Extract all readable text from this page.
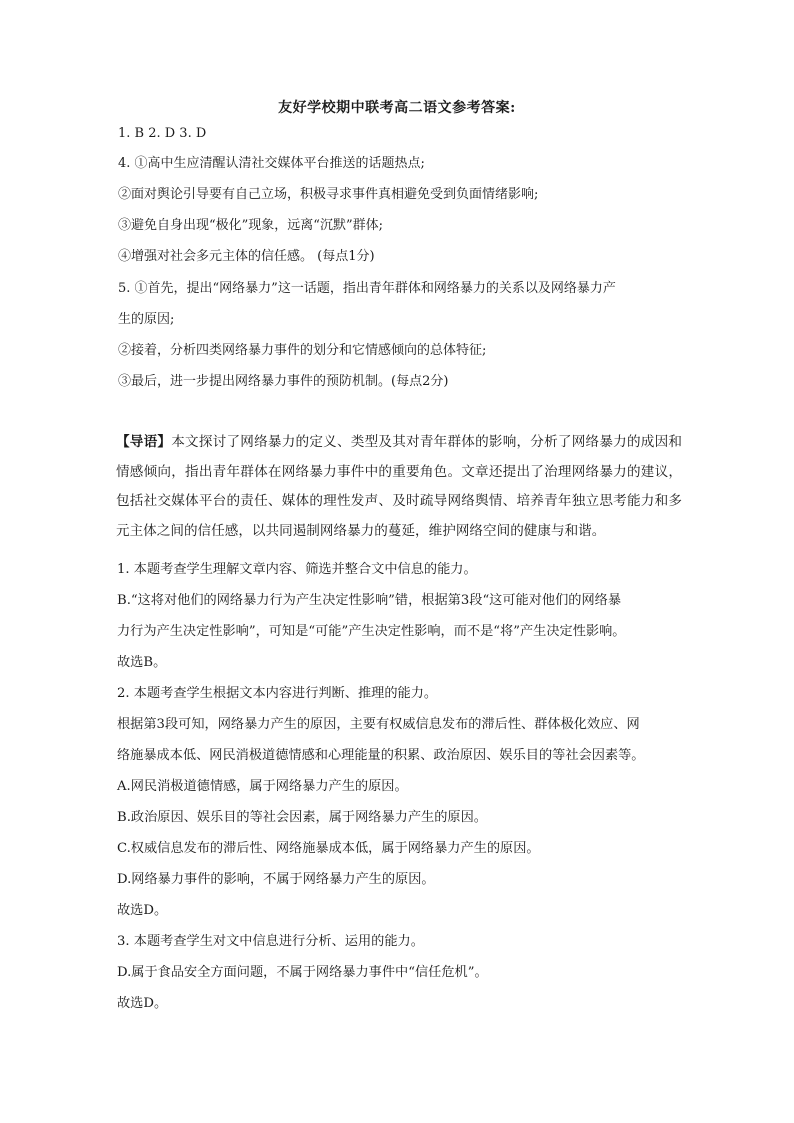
友好学校期中联考高二语文参考答案:
1. B 2. D 3. D
4. ①高中生应清醒认清社交媒体平台推送的话题热点;
②面对舆论引导要有自己立场，积极寻求事件真相避免受到负面情绪影响;
③避免自身出现“极化”现象，远离“沉默”群体;
④增强对社会多元主体的信任感。 (每点1分)
5. ①首先，提出“网络暴力”这一话题，指出青年群体和网络暴力的关系以及网络暴力产
生的原因;
②接着，分析四类网络暴力事件的划分和它情感倾向的总体特征;
③最后，进一步提出网络暴力事件的预防机制。(每点2分)
【导语】本文探讨了网络暴力的定义、类型及其对青年群体的影响，分析了网络暴力的成因和情感倾向，指出青年群体在网络暴力事件中的重要角色。文章还提出了治理网络暴力的建议，包括社交媒体平台的责任、媒体的理性发声、及时疏导网络舆情、培养青年独立思考能力和多元主体之间的信任感，以共同遏制网络暴力的蔓延，维护网络空间的健康与和谐。
1. 本题考查学生理解文章内容、筛选并整合文中信息的能力。
B.“这将对他们的网络暴力行为产生决定性影响”错，根据第3段“这可能对他们的网络暴
力行为产生决定性影响”，可知是“可能”产生决定性影响，而不是“将”产生决定性影响。
故选B。
2. 本题考查学生根据文本内容进行判断、推理的能力。
根据第3段可知，网络暴力产生的原因，主要有权威信息发布的滞后性、群体极化效应、网
络施暴成本低、网民消极道德情感和心理能量的积累、政治原因、娱乐目的等社会因素等。
A.网民消极道德情感，属于网络暴力产生的原因。
B.政治原因、娱乐目的等社会因素，属于网络暴力产生的原因。
C.权威信息发布的滞后性、网络施暴成本低，属于网络暴力产生的原因。
D.网络暴力事件的影响，不属于网络暴力产生的原因。
故选D。
3. 本题考查学生对文中信息进行分析、运用的能力。
D.属于食品安全方面问题，不属于网络暴力事件中“信任危机”。
故选D。
